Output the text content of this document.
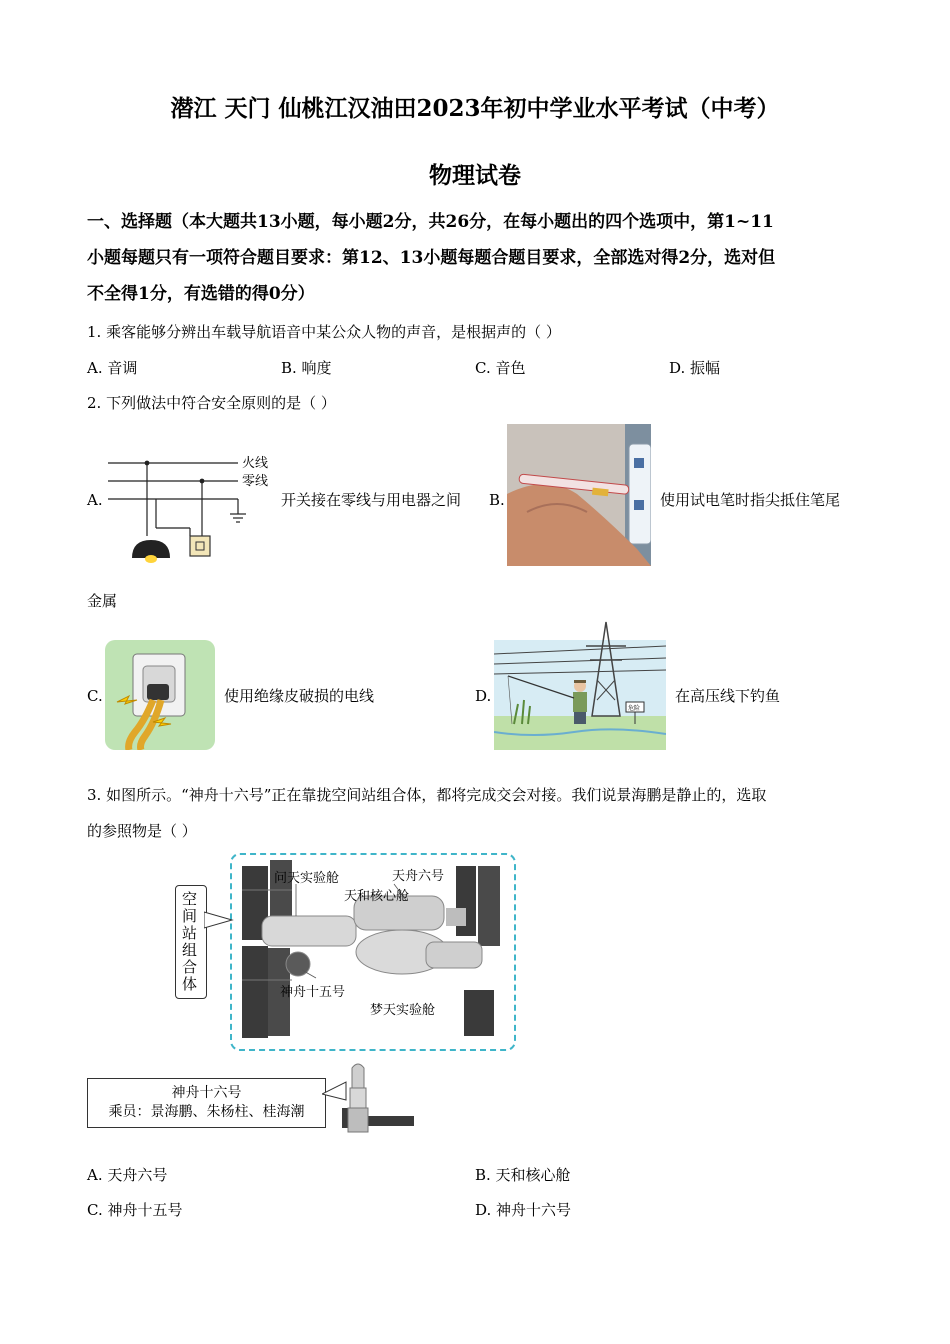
潜江 天门 仙桃江汉油田2023年初中学业水平考试（中考）
物理试卷
一、选择题（本大题共13小题，每小题2分，共26分，在每小题出的四个选项中，第1~11
小题每题只有一项符合题目要求：第12、13小题每题合题目要求，全部选对得2分，选对但
不全得1分，有选错的得0分）
1. 乘客能够分辨出车载导航语音中某公众人物的声音，是根据声的（ ）
A. 音调	B. 响度	C. 音色	D. 振幅
2. 下列做法中符合安全原则的是（ ）
A.
火线
零线
开关接在零线与用电器之间 B.	使用试电笔时指尖抵住笔尾
金属
C.	使用绝缘皮破损的电线	D.
危险
在高压线下钓鱼
3. 如图所示。“神舟十六号”正在靠拢空间站组合体，都将完成交会对接。我们说景海鹏是静止的，选取
的参照物是（ ）
问天实验舱	天舟六号
天和核心舱
神舟十五号
梦天实验舱
空间站组合体
神舟十六号
乘员：景海鹏、朱杨柱、桂海潮
A. 天舟六号	B. 天和核心舱
C. 神舟十五号	D. 神舟十六号
